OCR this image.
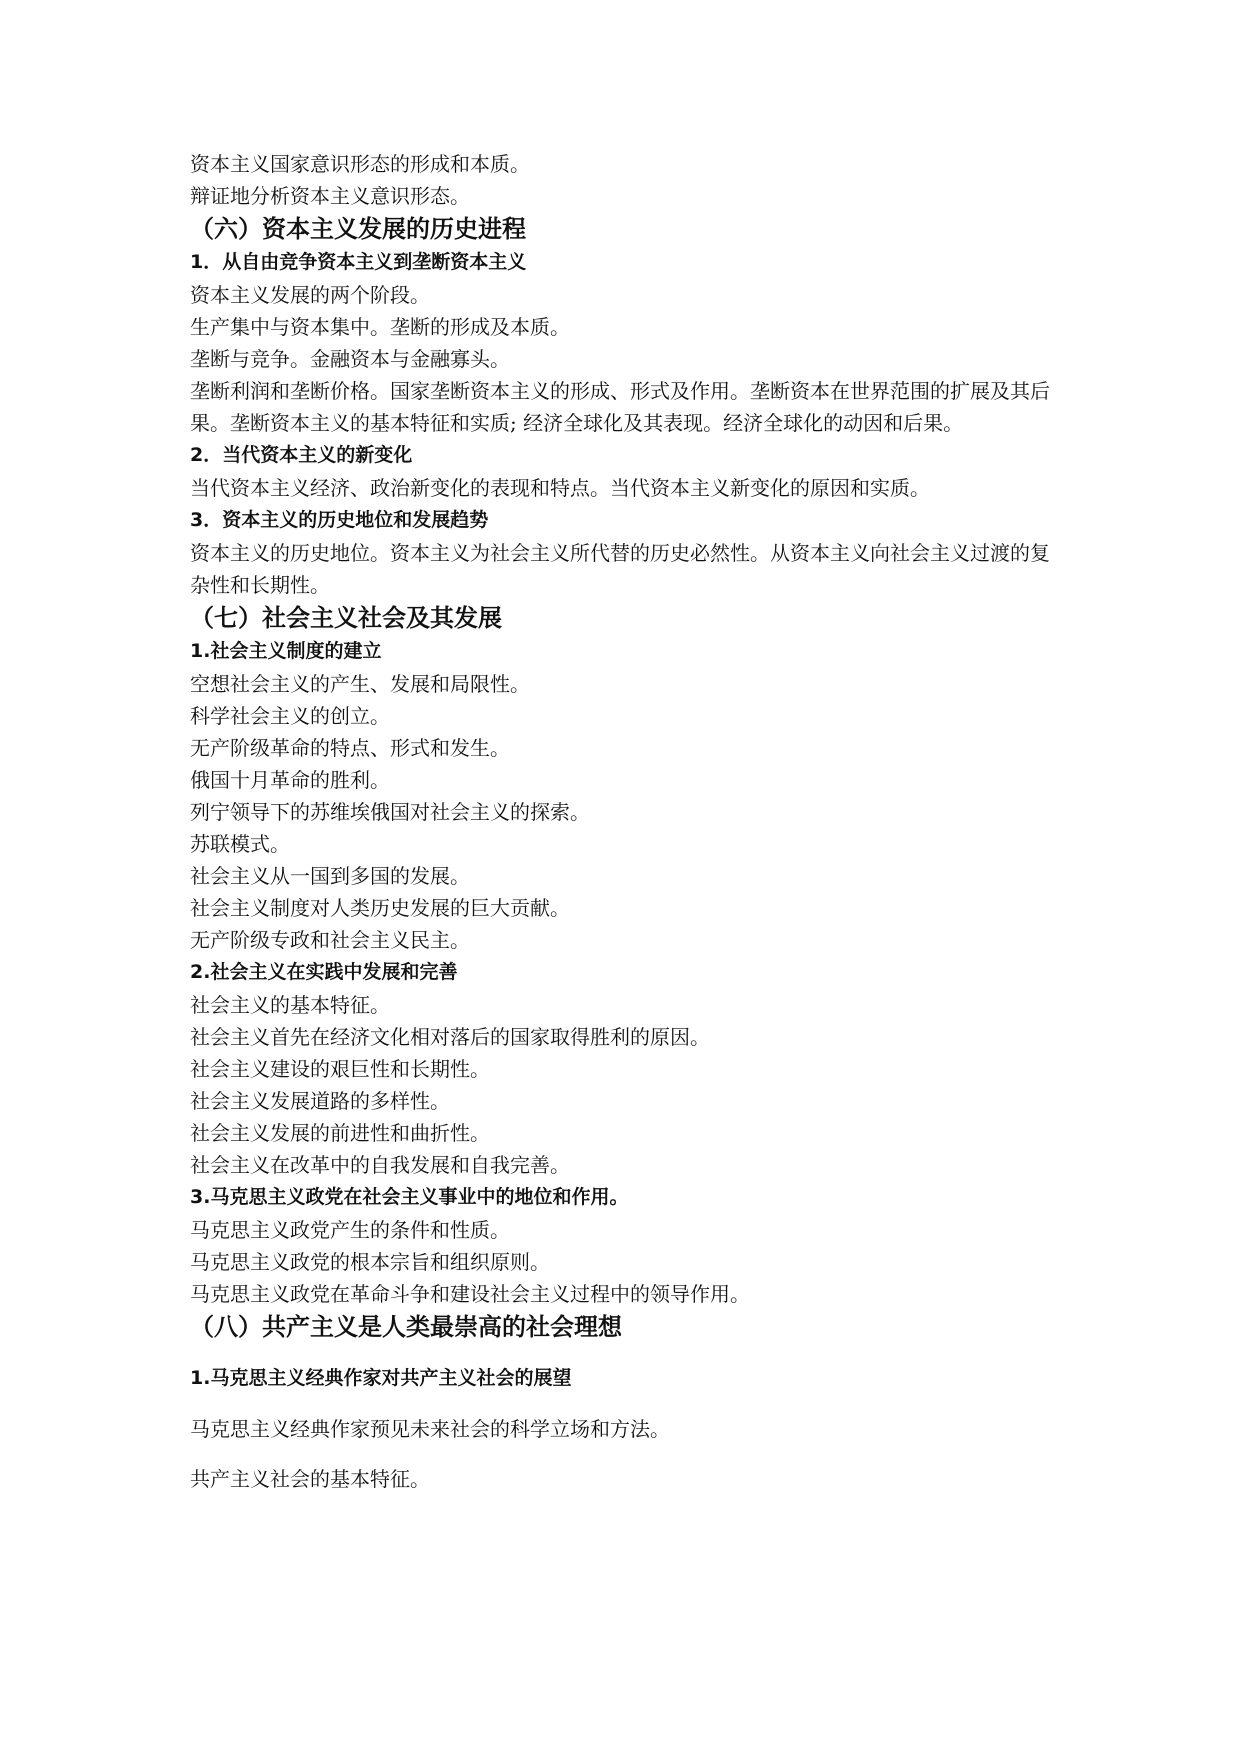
资本主义国家意识形态的形成和本质。
辩证地分析资本主义意识形态。
（六）资本主义发展的历史进程
1．从自由竞争资本主义到垄断资本主义
资本主义发展的两个阶段。
生产集中与资本集中。垄断的形成及本质。
垄断与竞争。金融资本与金融寡头。
垄断利润和垄断价格。国家垄断资本主义的形成、形式及作用。垄断资本在世界范围的扩展及其后果。垄断资本主义的基本特征和实质; 经济全球化及其表现。经济全球化的动因和后果。
2．当代资本主义的新变化
当代资本主义经济、政治新变化的表现和特点。当代资本主义新变化的原因和实质。
3．资本主义的历史地位和发展趋势
资本主义的历史地位。资本主义为社会主义所代替的历史必然性。从资本主义向社会主义过渡的复杂性和长期性。
（七）社会主义社会及其发展
1.社会主义制度的建立
空想社会主义的产生、发展和局限性。
科学社会主义的创立。
无产阶级革命的特点、形式和发生。
俄国十月革命的胜利。
列宁领导下的苏维埃俄国对社会主义的探索。
苏联模式。
社会主义从一国到多国的发展。
社会主义制度对人类历史发展的巨大贡献。
无产阶级专政和社会主义民主。
2.社会主义在实践中发展和完善
社会主义的基本特征。
社会主义首先在经济文化相对落后的国家取得胜利的原因。
社会主义建设的艰巨性和长期性。
社会主义发展道路的多样性。
社会主义发展的前进性和曲折性。
社会主义在改革中的自我发展和自我完善。
3.马克思主义政党在社会主义事业中的地位和作用。
马克思主义政党产生的条件和性质。
马克思主义政党的根本宗旨和组织原则。
马克思主义政党在革命斗争和建设社会主义过程中的领导作用。
（八）共产主义是人类最崇高的社会理想
1.马克思主义经典作家对共产主义社会的展望
马克思主义经典作家预见未来社会的科学立场和方法。
共产主义社会的基本特征。
